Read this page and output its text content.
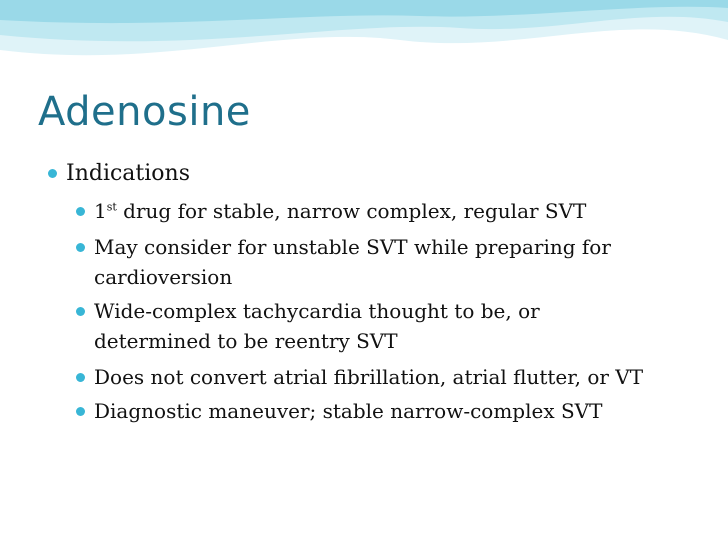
Adenosine
Indications
1st drug for stable, narrow complex, regular SVT
May consider for unstable SVT while preparing for
cardioversion
Wide-complex tachycardia thought to be, or
determined to be reentry SVT
Does not convert atrial fibrillation, atrial flutter, or VT
Diagnostic maneuver; stable narrow-complex SVT
